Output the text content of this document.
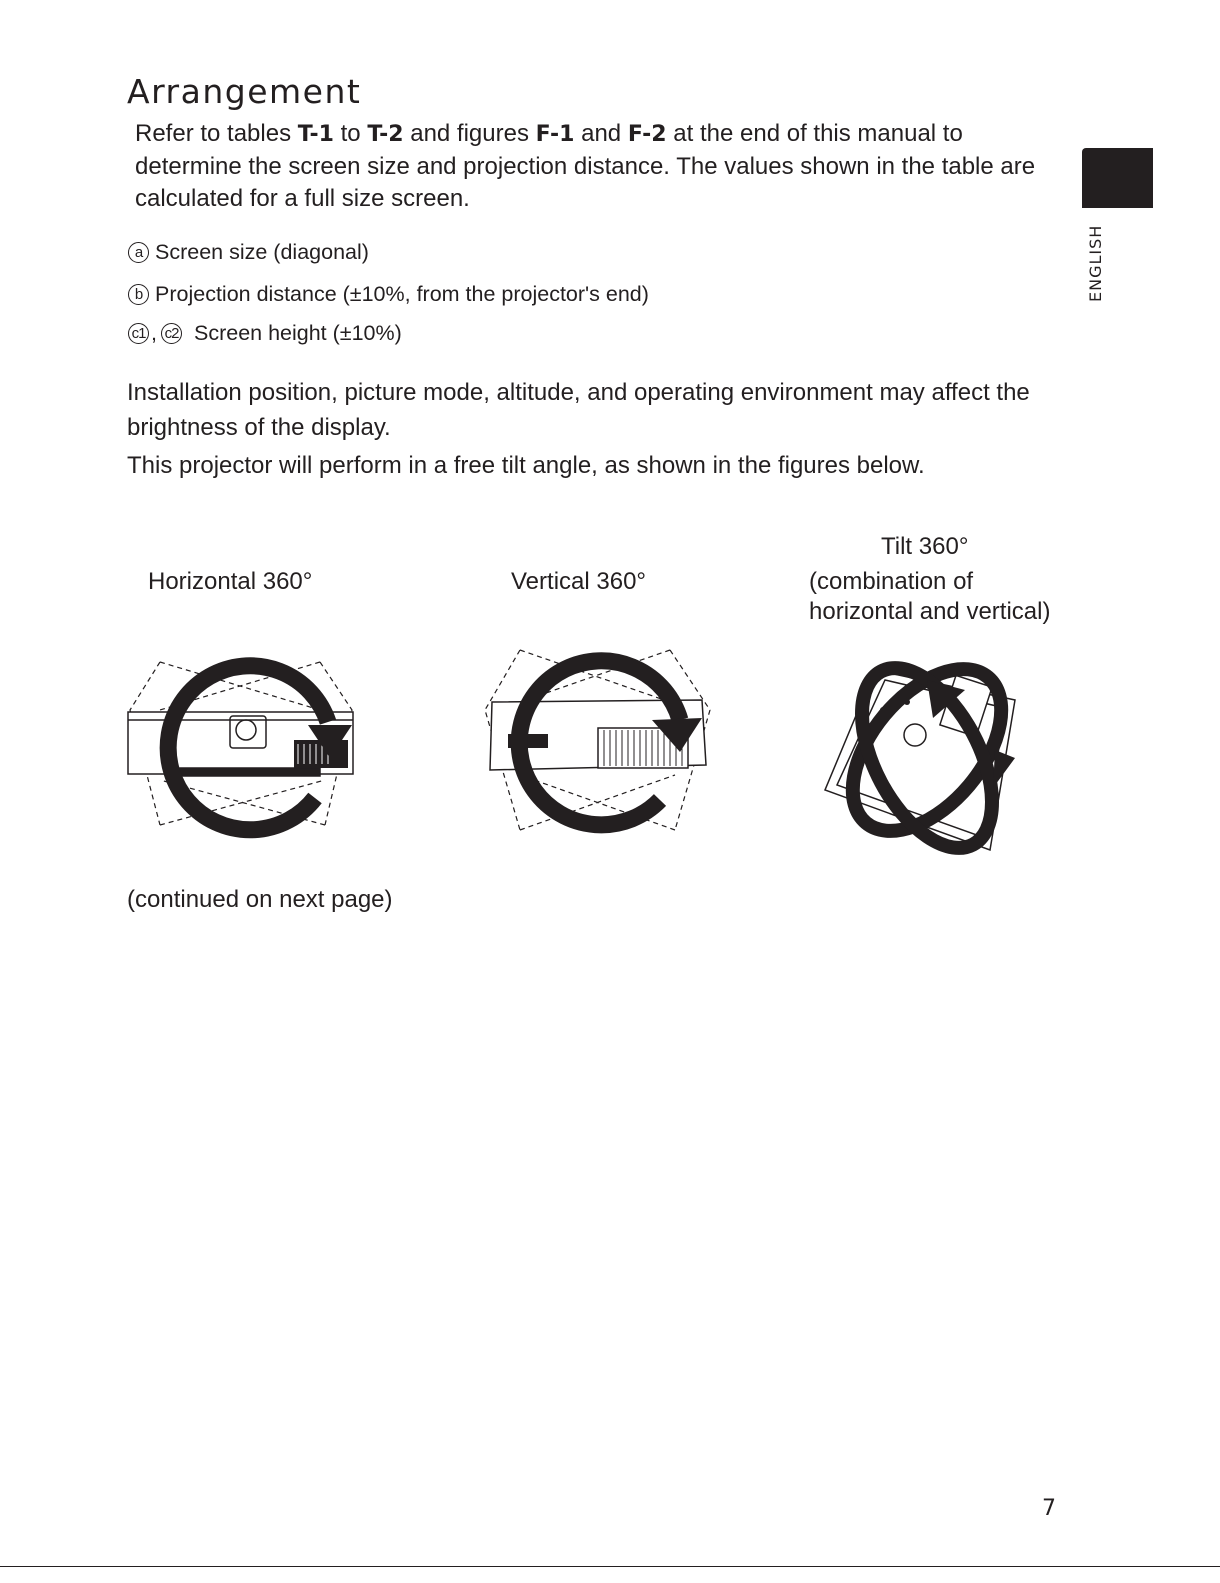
Arrangement
Refer to tables T-1 to T-2 and figures F-1 and F-2 at the end of this manual to determine the screen size and projection distance. The values shown in the table are calculated for a full size screen.
a Screen size (diagonal)
b Projection distance (±10%, from the projector's end)
c1 , c2 Screen height (±10%)
Installation position, picture mode, altitude, and operating environment may affect the brightness of the display.
This projector will perform in a free tilt angle, as shown in the figures below.
Horizontal 360°	Vertical 360°
Tilt 360°
(combination of
horizontal and vertical)
(continued on next page)
ENGLISH
7
